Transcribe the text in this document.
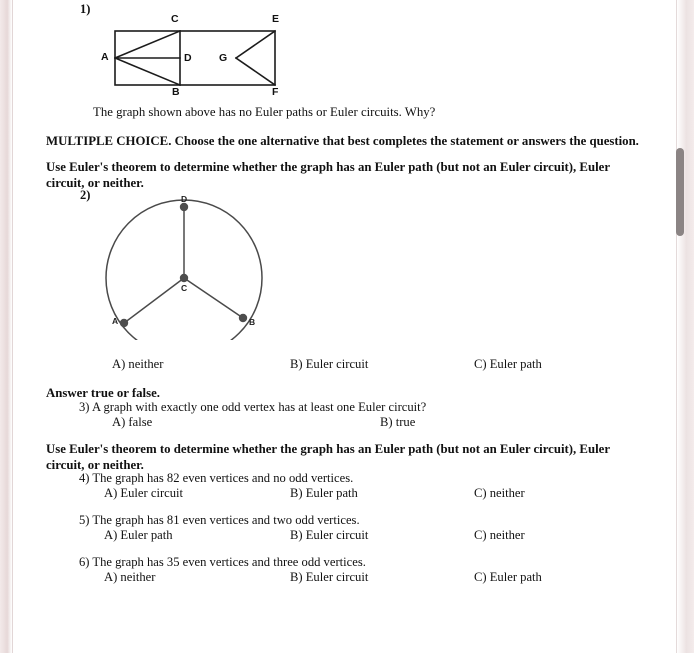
1)
C	E
A	D	G
B	F
The graph shown above has no Euler paths or Euler circuits. Why?
MULTIPLE CHOICE. Choose the one alternative that best completes the statement or answers the question.
Use Euler's theorem to determine whether the graph has an Euler path (but not an Euler circuit), Euler circuit, or neither.
2)	D
C
A	B
A) neither	B) Euler circuit	C) Euler path
Answer true or false.
3) A graph with exactly one odd vertex has at least one Euler circuit?
A) false	B) true
Use Euler's theorem to determine whether the graph has an Euler path (but not an Euler circuit), Euler circuit, or neither.
4) The graph has 82 even vertices and no odd vertices.
A) Euler circuit	B) Euler path	C) neither
5) The graph has 81 even vertices and two odd vertices.
A) Euler path	B) Euler circuit	C) neither
6) The graph has 35 even vertices and three odd vertices.
A) neither	B) Euler circuit	C) Euler path
